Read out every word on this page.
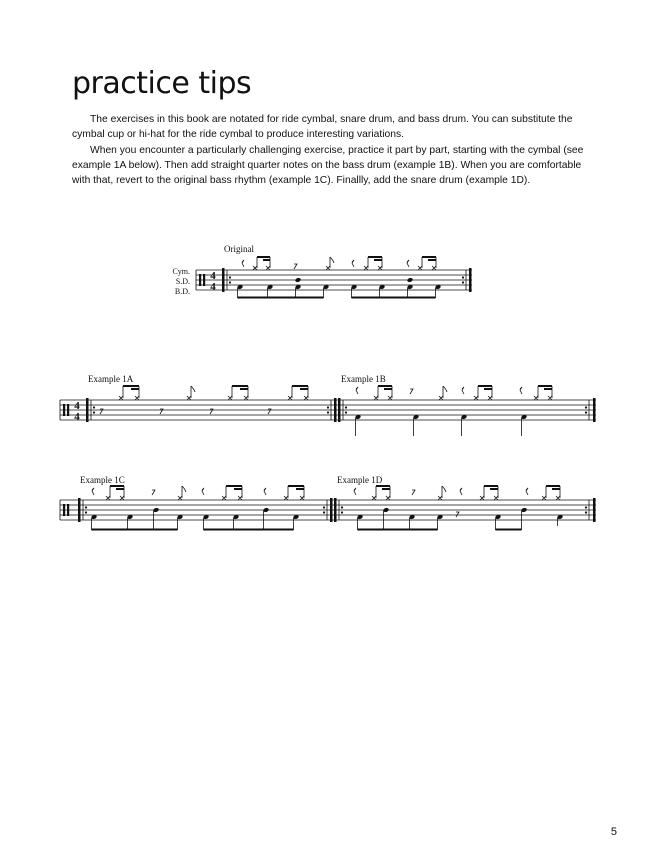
practice tips

The exercises in this book are notated for ride cymbal, snare drum, and bass drum. You can substitute the cymbal cup or hi-hat for the ride cymbal to produce interesting variations.

When you encounter a particularly challenging exercise, practice it part by part, starting with the cymbal (see example 1A below). Then add straight quarter notes on the bass drum (example 1B). When you are comfortable with that, revert to the original bass rhythm (example 1C). Finallly, add the snare drum (example 1D).

Original
Cym.
S.D.
B.D.
4
4
Example 1A	Example 1B
4
4
Example 1C	Example 1D
5
